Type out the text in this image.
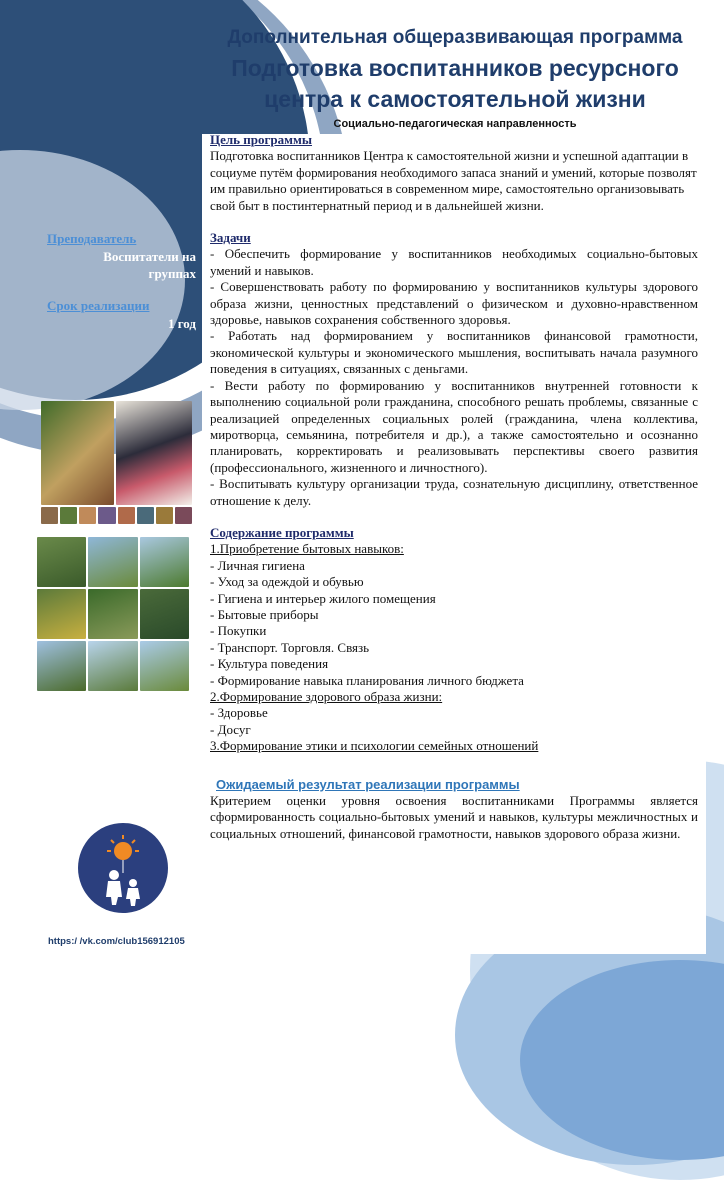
Дополнительная общеразвивающая программа
Подготовка воспитанников ресурсного
центра к самостоятельной жизни
Социально-педагогическая направленность
Преподаватель
Воспитатели на
группах
Срок реализации
1 год
https:/ /vk.com/club156912105
Цель программы
Подготовка воспитанников Центра к самостоятельной жизни и успешной адаптации в социуме путём формирования необходимого запаса знаний и умений, которые позволят им правильно ориентироваться в современном мире, самостоятельно организовывать свой быт в постинтернатный период и в дальнейшей жизни.
Задачи
- Обеспечить формирование у воспитанников необходимых социально-бытовых умений и навыков.
- Совершенствовать работу по формированию у воспитанников культуры здорового образа жизни, ценностных представлений о физическом и духовно-нравственном здоровье, навыков сохранения собственного здоровья.
- Работать над формированием у воспитанников финансовой грамотности, экономической культуры и экономического мышления, воспитывать начала разумного поведения в ситуациях, связанных с деньгами.
- Вести работу по формированию у воспитанников внутренней готовности к выполнению социальной роли гражданина, способного решать проблемы, связанные с реализацией определенных социальных ролей (гражданина, члена коллектива, миротворца, семьянина, потребителя и др.), а также самостоятельно и осознанно планировать, корректировать и реализовывать перспективы своего развития (профессионального, жизненного и личностного).
- Воспитывать культуру организации труда, сознательную дисциплину, ответственное отношение к делу.
Содержание программы
1.Приобретение бытовых навыков:
- Личная гигиена
- Уход за одеждой и обувью
- Гигиена и интерьер жилого помещения
- Бытовые приборы
- Покупки
- Транспорт. Торговля. Связь
- Культура поведения
- Формирование навыка планирования личного бюджета
2.Формирование здорового образа жизни:
- Здоровье
- Досуг
3.Формирование этики и психологии семейных отношений
Ожидаемый результат реализации программы
Критерием оценки уровня освоения воспитанниками Программы является сформированность социально-бытовых умений и навыков, культуры межличностных и социальных отношений, финансовой грамотности, навыков здорового образа жизни.
